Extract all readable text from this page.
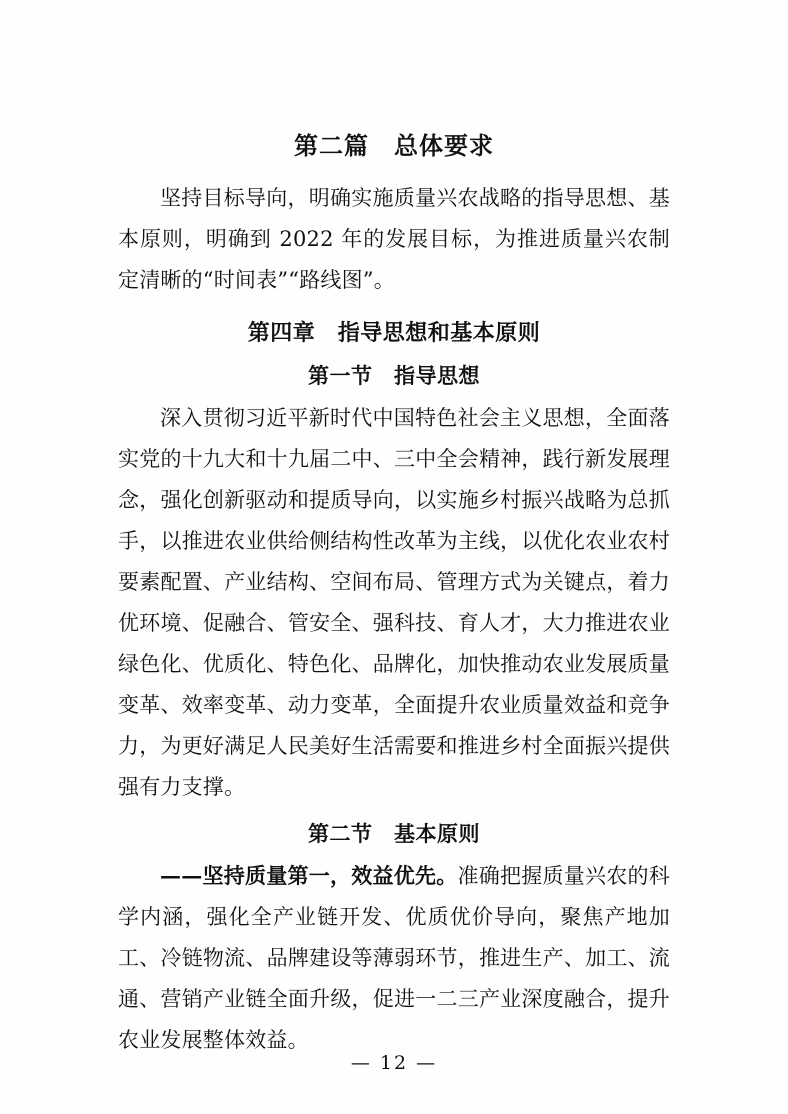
第二篇　总体要求

坚持目标导向，明确实施质量兴农战略的指导思想、基本原则，明确到 2022 年的发展目标，为推进质量兴农制定清晰的“时间表”“路线图”。

第四章　指导思想和基本原则
第一节　指导思想

深入贯彻习近平新时代中国特色社会主义思想，全面落实党的十九大和十九届二中、三中全会精神，践行新发展理念，强化创新驱动和提质导向，以实施乡村振兴战略为总抓手，以推进农业供给侧结构性改革为主线，以优化农业农村要素配置、产业结构、空间布局、管理方式为关键点，着力优环境、促融合、管安全、强科技、育人才，大力推进农业绿色化、优质化、特色化、品牌化，加快推动农业发展质量变革、效率变革、动力变革，全面提升农业质量效益和竞争力，为更好满足人民美好生活需要和推进乡村全面振兴提供强有力支撑。

第二节　基本原则

——坚持质量第一，效益优先。准确把握质量兴农的科学内涵，强化全产业链开发、优质优价导向，聚焦产地加工、冷链物流、品牌建设等薄弱环节，推进生产、加工、流通、营销产业链全面升级，促进一二三产业深度融合，提升农业发展整体效益。

— 12 —
